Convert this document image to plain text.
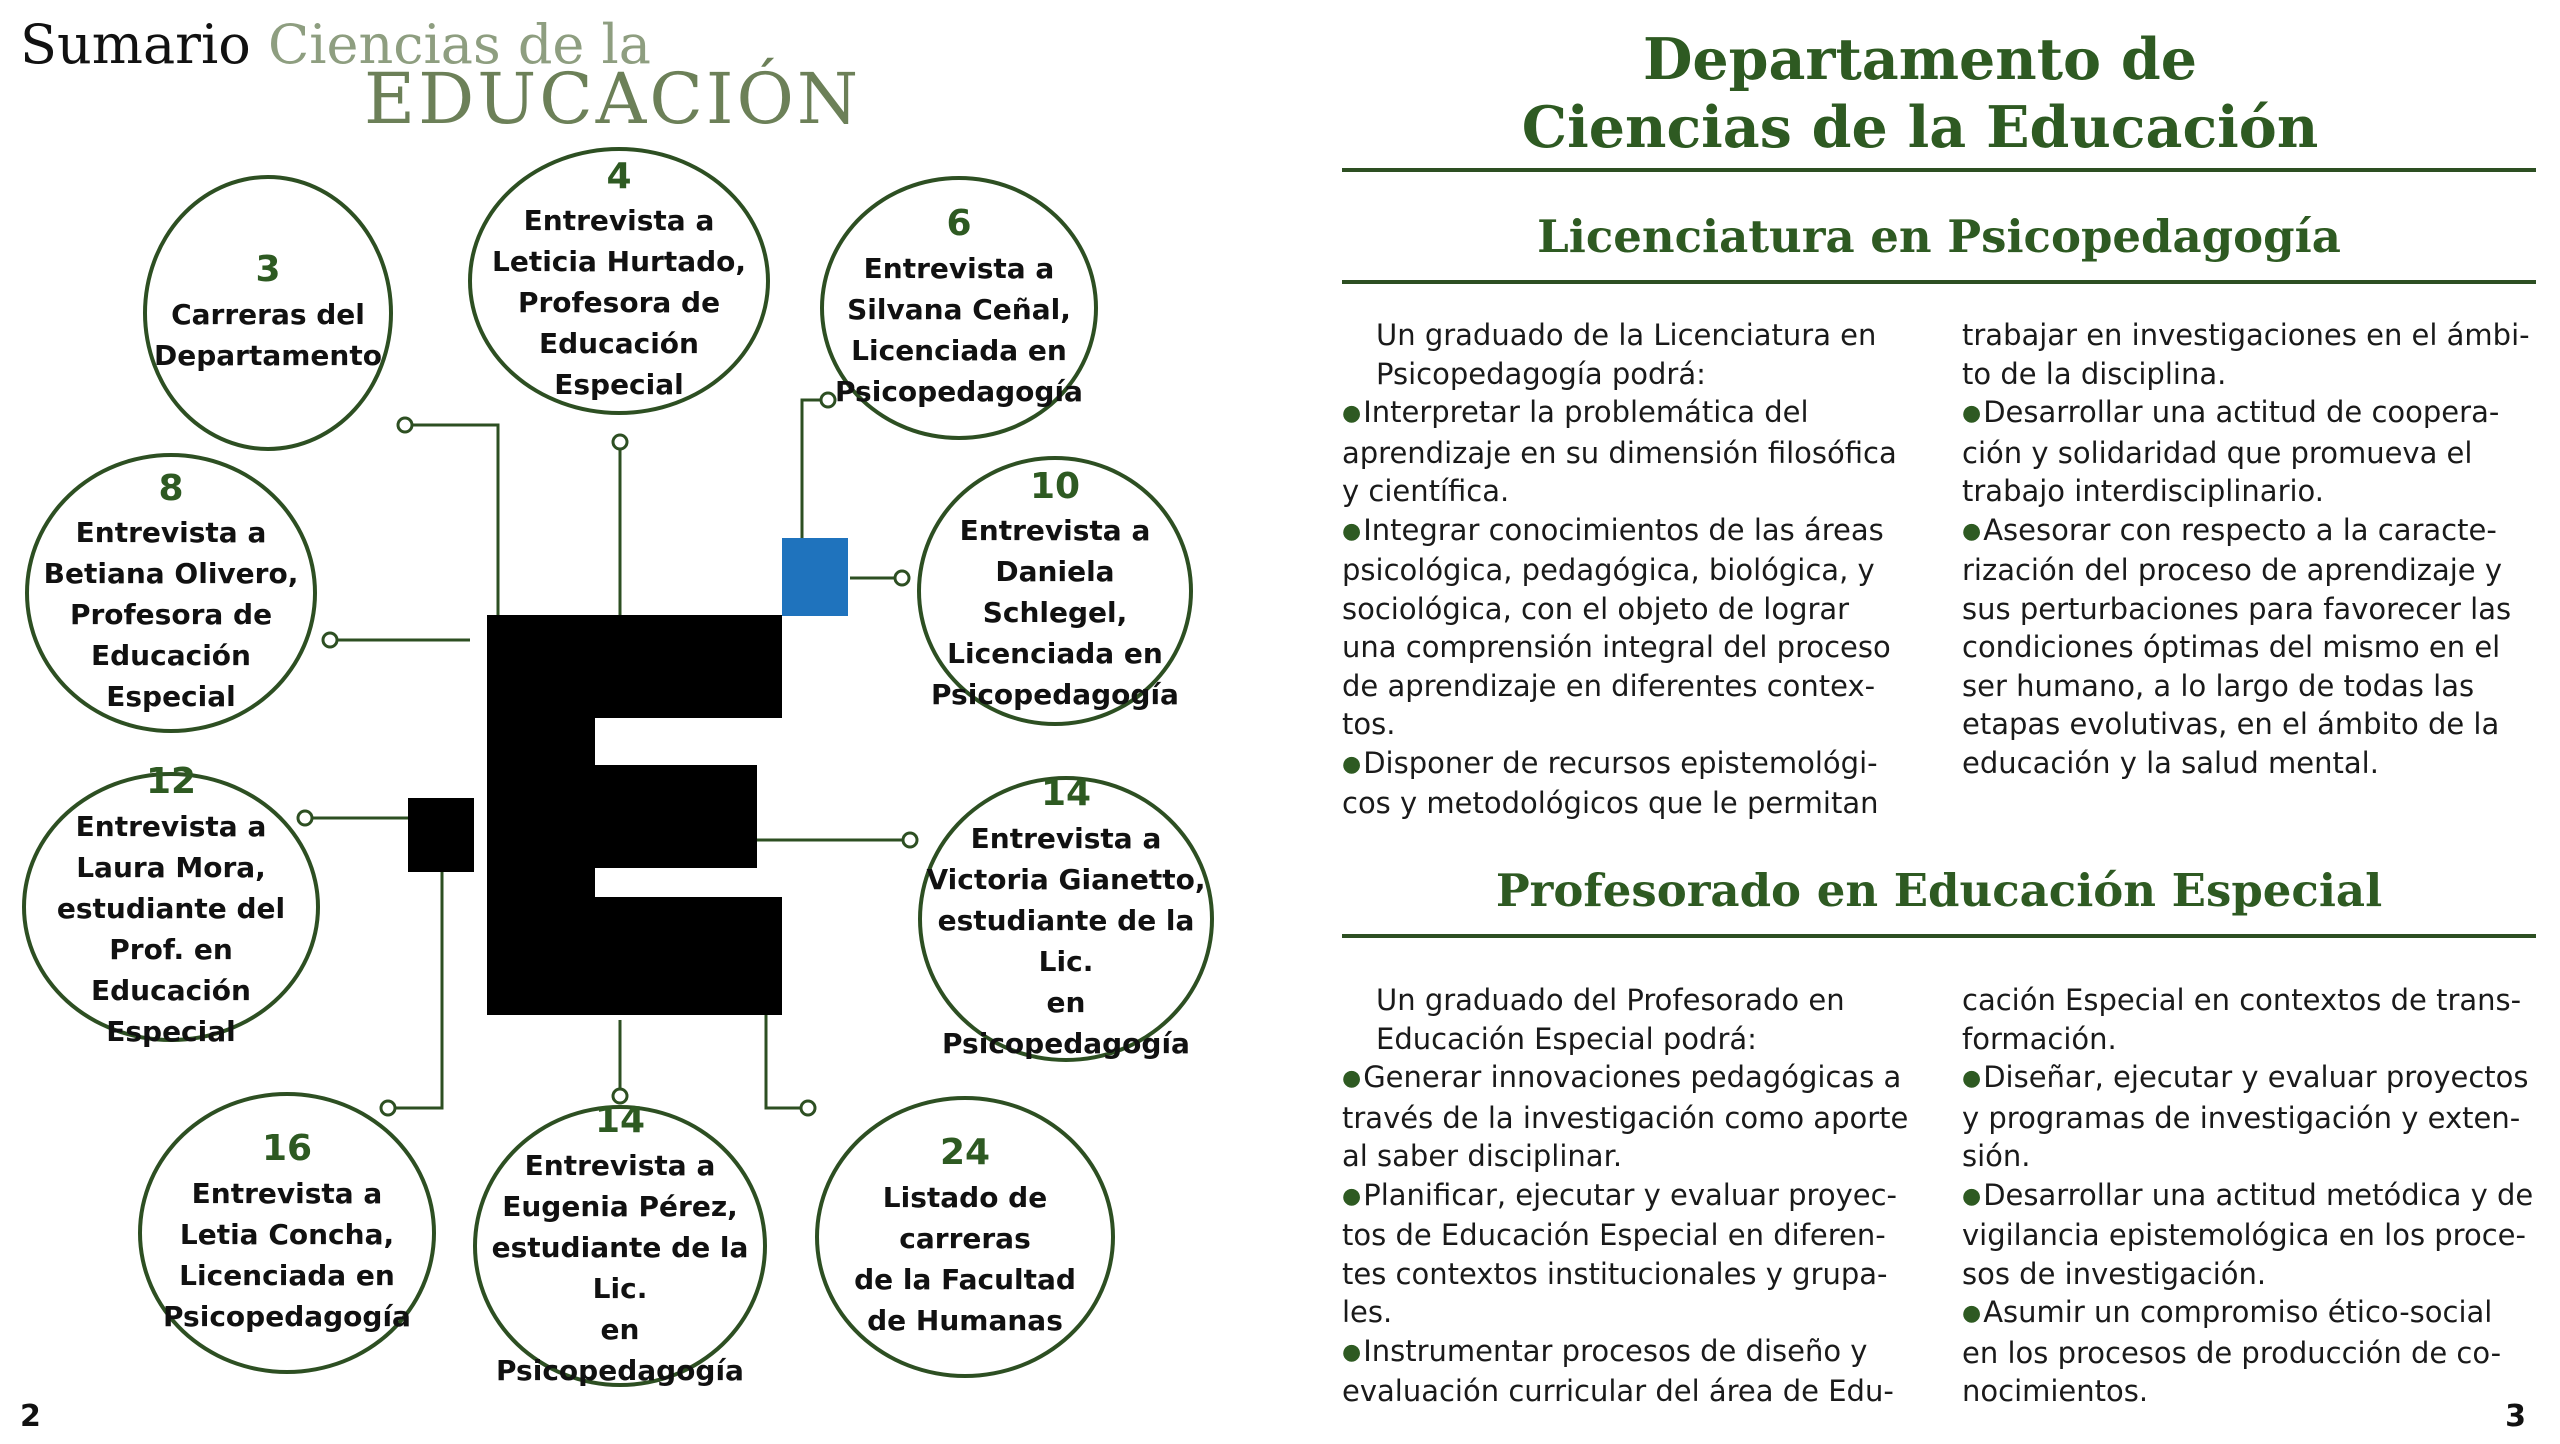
Sumario Ciencias de la
EDUCACIÓN
3
Carreras del
Departamento
4
Entrevista a
Leticia Hurtado,
Profesora de
Educación
Especial
6
Entrevista a
Silvana Ceñal,
Licenciada en
Psicopedagogía
8
Entrevista a
Betiana Olivero,
Profesora de
Educación
Especial
10
Entrevista a
Daniela Schlegel,
Licenciada en
Psicopedagogía
12
Entrevista a
Laura Mora,
estudiante del
Prof. en Educación
Especial
14
Entrevista a
Victoria Gianetto,
estudiante de la Lic.
en Psicopedagogía
16
Entrevista a
Letia Concha,
Licenciada en
Psicopedagogía
14
Entrevista a
Eugenia Pérez,
estudiante de la Lic.
en Psicopedagogía
24
Listado de carreras
de la Facultad
de Humanas
2
Departamento de
Ciencias de la Educación
Licenciatura en Psicopedagogía

Un graduado de la Licenciatura en
Psicopedagogía podrá:

●Interpretar la problemática del
aprendizaje en su dimensión filosófica
y científica.

●Integrar conocimientos de las áreas
psicológica, pedagógica, biológica, y
sociológica, con el objeto de lograr
una comprensión integral del proceso
de aprendizaje en diferentes contex-
tos.

●Disponer de recursos epistemológi-
cos y metodológicos que le permitan

trabajar en investigaciones en el ámbi-
to de la disciplina.

●Desarrollar una actitud de coopera-
ción y solidaridad que promueva el
trabajo interdisciplinario.

●Asesorar con respecto a la caracte-
rización del proceso de aprendizaje y
sus perturbaciones para favorecer las
condiciones óptimas del mismo en el
ser humano, a lo largo de todas las
etapas evolutivas, en el ámbito de la
educación y la salud mental.

Profesorado en Educación Especial

Un graduado del Profesorado en
Educación Especial podrá:

●Generar innovaciones pedagógicas a
través de la investigación como aporte
al saber disciplinar.

●Planificar, ejecutar y evaluar proyec-
tos de Educación Especial en diferen-
tes contextos institucionales y grupa-
les.

●Instrumentar procesos de diseño y
evaluación curricular del área de Edu-

cación Especial en contextos de trans-
formación.

●Diseñar, ejecutar y evaluar proyectos
y programas de investigación y exten-
sión.

●Desarrollar una actitud metódica y de
vigilancia epistemológica en los proce-
sos de investigación.

●Asumir un compromiso ético-social
en los procesos de producción de co-
nocimientos.

3
